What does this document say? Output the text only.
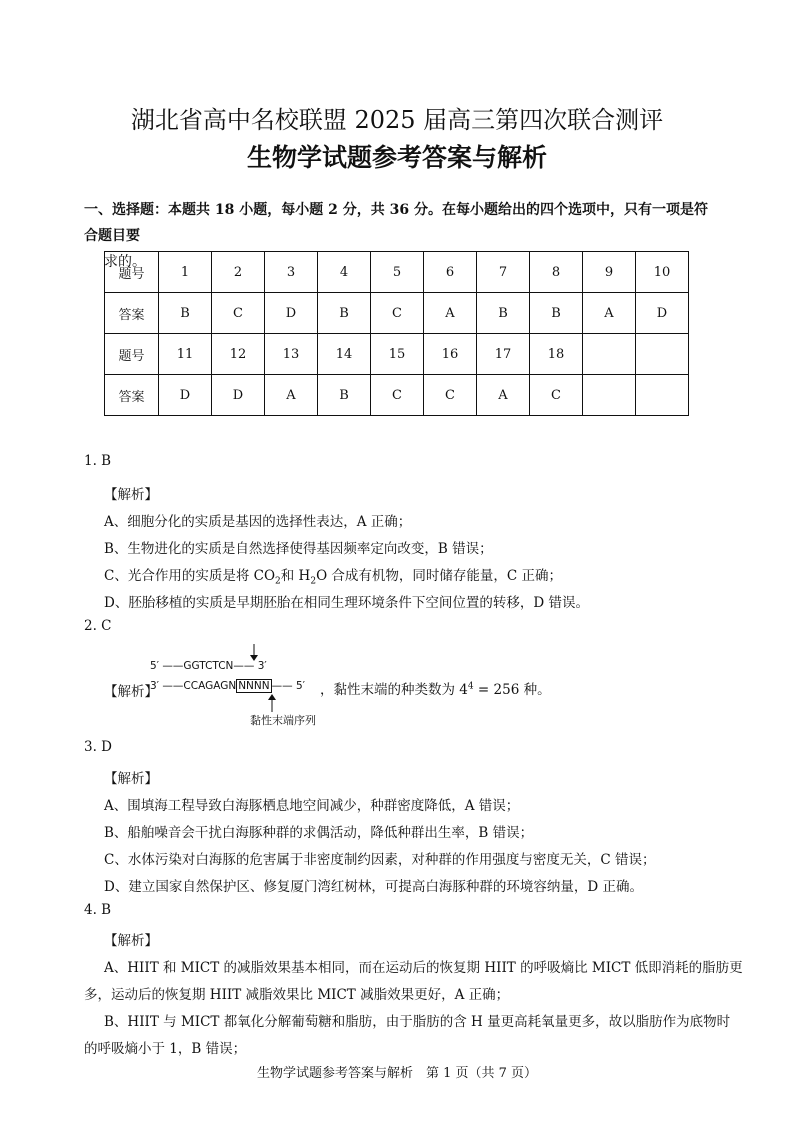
湖北省高中名校联盟 2025 届高三第四次联合测评
生物学试题参考答案与解析
一、选择题：本题共 18 小题，每小题 2 分，共 36 分。在每小题给出的四个选项中，只有一项是符合题目要
求的。
题号	1	2	3	4	5	6	7	8	9	10
答案	B	C	D	B	C	A	B	B	A	D
题号	11	12	13	14	15	16	17	18		
答案	D	D	A	B	C	C	A	C		
1. B
【解析】
A、细胞分化的实质是基因的选择性表达，A 正确；
B、生物进化的实质是自然选择使得基因频率定向改变，B 错误；
C、光合作用的实质是将 $CO_2$和 $H_2O$ 合成有机物，同时储存能量，C 正确；
D、胚胎移植的实质是早期胚胎在相同生理环境条件下空间位置的转移，D 错误。
2. C
【解析】
5′ ——GGTCTCN—— 3′
3′ ——CCAGAGN NNNN —— 5′ ，黏性末端的种类数为 $4^4 = 256$ 种。
黏性末端序列
3. D
【解析】
A、围填海工程导致白海豚栖息地空间减少，种群密度降低，A 错误；
B、船舶噪音会干扰白海豚种群的求偶活动，降低种群出生率，B 错误；
C、水体污染对白海豚的危害属于非密度制约因素，对种群的作用强度与密度无关，C 错误；
D、建立国家自然保护区、修复厦门湾红树林，可提高白海豚种群的环境容纳量，D 正确。
4. B
【解析】
A、HIIT 和 MICT 的减脂效果基本相同，而在运动后的恢复期 HIIT 的呼吸熵比 MICT 低即消耗的脂肪更
多，运动后的恢复期 HIIT 减脂效果比 MICT 减脂效果更好，A 正确；
B、HIIT 与 MICT 都氧化分解葡萄糖和脂肪，由于脂肪的含 H 量更高耗氧量更多，故以脂肪作为底物时
的呼吸熵小于 1，B 错误；
生物学试题参考答案与解析　第 1 页（共 7 页）
